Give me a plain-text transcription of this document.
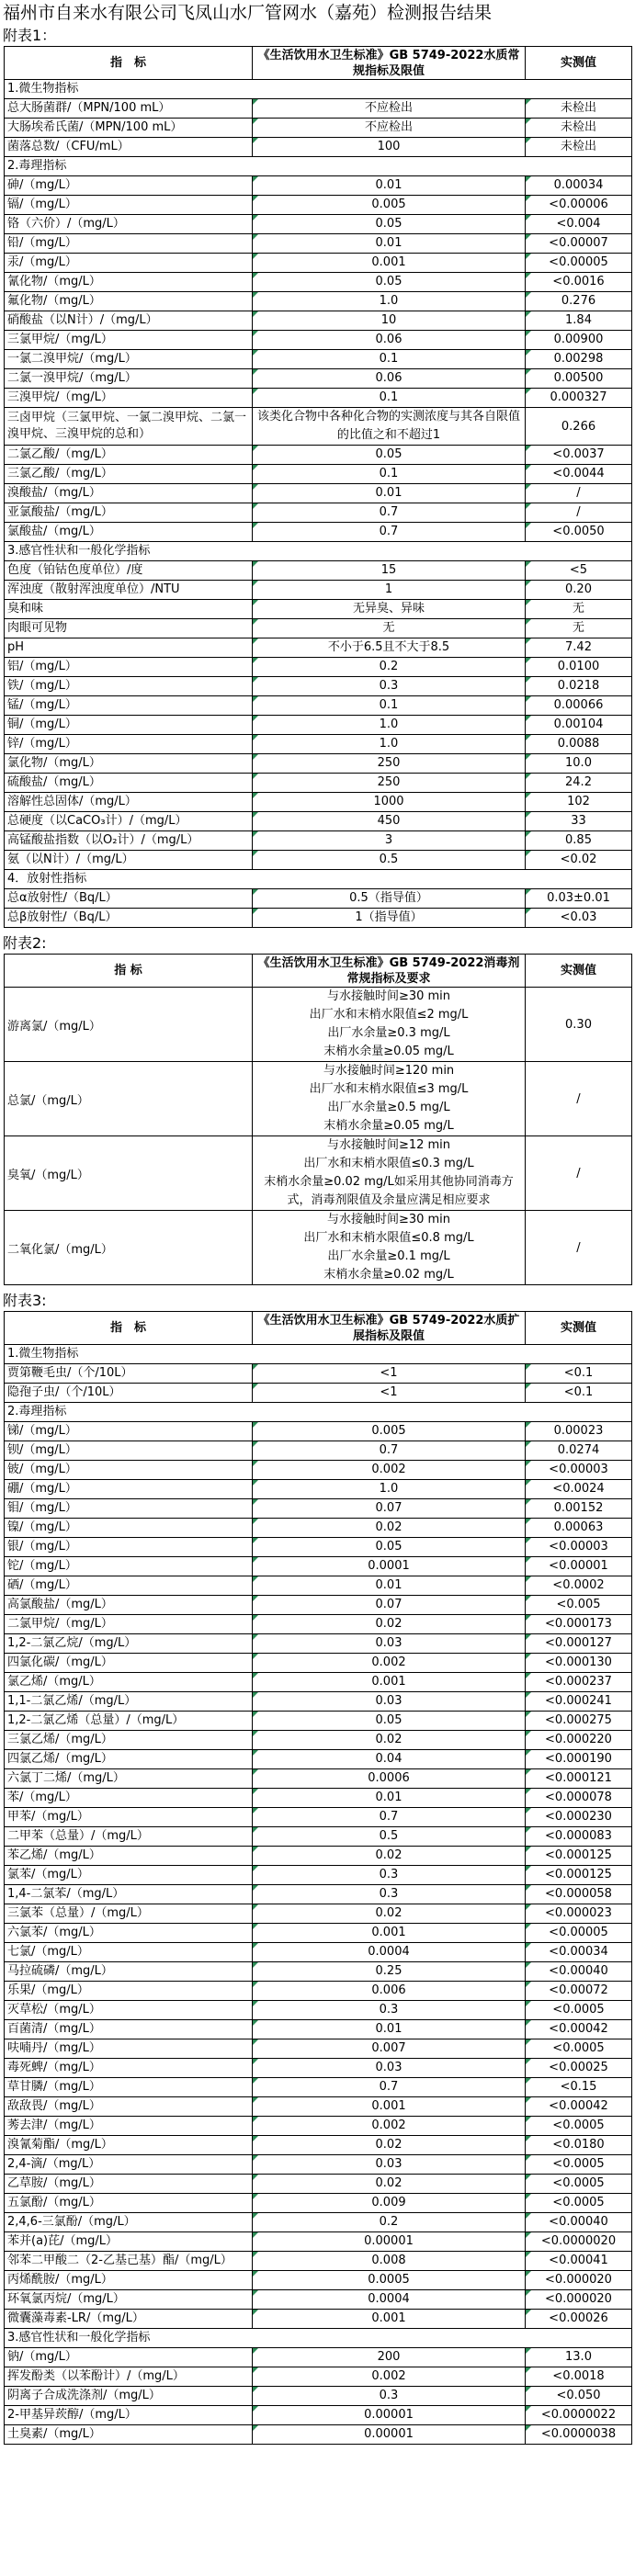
福州市自来水有限公司飞凤山水厂管网水（嘉苑）检测报告结果
附表1：
指　标	《生活饮用水卫生标准》GB 5749-2022水质常规指标及限值	实测值
1.微生物指标		
总大肠菌群/（MPN/100 mL）	不应检出	未检出
大肠埃希氏菌/（MPN/100 mL）	不应检出	未检出
菌落总数/（CFU/mL）	100	未检出
2.毒理指标		
砷/（mg/L）	0.01	0.00034
镉/（mg/L）	0.005	<0.00006
铬（六价）/（mg/L）	0.05	<0.004
铅/（mg/L）	0.01	<0.00007
汞/（mg/L）	0.001	<0.00005
氰化物/（mg/L）	0.05	<0.0016
氟化物/（mg/L）	1.0	0.276
硝酸盐（以N计）/（mg/L）	10	1.84
三氯甲烷/（mg/L）	0.06	0.00900
一氯二溴甲烷/（mg/L）	0.1	0.00298
二氯一溴甲烷/（mg/L）	0.06	0.00500
三溴甲烷/（mg/L）	0.1	0.000327
三卤甲烷（三氯甲烷、一氯二溴甲烷、二氯一溴甲烷、三溴甲烷的总和）	该类化合物中各种化合物的实测浓度与其各自限值的比值之和不超过1	0.266
二氯乙酸/（mg/L）	0.05	<0.0037
三氯乙酸/（mg/L）	0.1	<0.0044
溴酸盐/（mg/L）	0.01	/
亚氯酸盐/（mg/L）	0.7	/
氯酸盐/（mg/L）	0.7	<0.0050
3.感官性状和一般化学指标		
色度（铂钴色度单位）/度	15	<5
浑浊度（散射浑浊度单位）/NTU	1	0.20
臭和味	无异臭、异味	无
肉眼可见物	无	无
pH	不小于6.5且不大于8.5	7.42
铝/（mg/L）	0.2	0.0100
铁/（mg/L）	0.3	0.0218
锰/（mg/L）	0.1	0.00066
铜/（mg/L）	1.0	0.00104
锌/（mg/L）	1.0	0.0088
氯化物/（mg/L）	250	10.0
硫酸盐/（mg/L）	250	24.2
溶解性总固体/（mg/L）	1000	102
总硬度（以CaCO₃计）/（mg/L）	450	33
高锰酸盐指数（以O₂计）/（mg/L）	3	0.85
氨（以N计）/（mg/L）	0.5	<0.02
4．放射性指标		
总α放射性/（Bq/L）	0.5（指导值）	0.03±0.01
总β放射性/（Bq/L）	1（指导值）	<0.03
附表2:
指 标	《生活饮用水卫生标准》GB 5749-2022消毒剂常规指标及要求	实测值
游离氯/（mg/L）	与水接触时间≥30 min
出厂水和末梢水限值≤2 mg/L
出厂水余量≥0.3 mg/L
末梢水余量≥0.05 mg/L	0.30
总氯/（mg/L）	与水接触时间≥120 min
出厂水和末梢水限值≤3 mg/L
出厂水余量≥0.5 mg/L
末梢水余量≥0.05 mg/L	/
臭氧/（mg/L）	与水接触时间≥12 min
出厂水和末梢水限值≤0.3 mg/L
末梢水余量≥0.02 mg/L如采用其他协同消毒方式，消毒剂限值及余量应满足相应要求	/
二氧化氯/（mg/L）	与水接触时间≥30 min
出厂水和末梢水限值≤0.8 mg/L
出厂水余量≥0.1 mg/L
末梢水余量≥0.02 mg/L	/
附表3:
指　标	《生活饮用水卫生标准》GB 5749-2022水质扩展指标及限值	实测值
1.微生物指标		
贾第鞭毛虫/（个/10L）	<1	<0.1
隐孢子虫/（个/10L）	<1	<0.1
2.毒理指标		
锑/（mg/L）	0.005	0.00023
钡/（mg/L）	0.7	0.0274
铍/（mg/L）	0.002	<0.00003
硼/（mg/L）	1.0	<0.0024
钼/（mg/L）	0.07	0.00152
镍/（mg/L）	0.02	0.00063
银/（mg/L）	0.05	<0.00003
铊/（mg/L）	0.0001	<0.00001
硒/（mg/L）	0.01	<0.0002
高氯酸盐/（mg/L）	0.07	<0.005
二氯甲烷/（mg/L）	0.02	<0.000173
1,2-二氯乙烷/（mg/L）	0.03	<0.000127
四氯化碳/（mg/L）	0.002	<0.000130
氯乙烯/（mg/L）	0.001	<0.000237
1,1-二氯乙烯/（mg/L）	0.03	<0.000241
1,2-二氯乙烯（总量）/（mg/L）	0.05	<0.000275
三氯乙烯/（mg/L）	0.02	<0.000220
四氯乙烯/（mg/L）	0.04	<0.000190
六氯丁二烯/（mg/L）	0.0006	<0.000121
苯/（mg/L）	0.01	<0.000078
甲苯/（mg/L）	0.7	<0.000230
二甲苯（总量）/（mg/L）	0.5	<0.000083
苯乙烯/（mg/L）	0.02	<0.000125
氯苯/（mg/L）	0.3	<0.000125
1,4-二氯苯/（mg/L）	0.3	<0.000058
三氯苯（总量）/（mg/L）	0.02	<0.000023
六氯苯/（mg/L）	0.001	<0.00005
七氯/（mg/L）	0.0004	<0.00034
马拉硫磷/（mg/L）	0.25	<0.00040
乐果/（mg/L）	0.006	<0.00072
灭草松/（mg/L）	0.3	<0.0005
百菌清/（mg/L）	0.01	<0.00042
呋喃丹/（mg/L）	0.007	<0.0005
毒死蜱/（mg/L）	0.03	<0.00025
草甘膦/（mg/L）	0.7	<0.15
敌敌畏/（mg/L）	0.001	<0.00042
莠去津/（mg/L）	0.002	<0.0005
溴氰菊酯/（mg/L）	0.02	<0.0180
2,4-滴/（mg/L）	0.03	<0.0005
乙草胺/（mg/L）	0.02	<0.0005
五氯酚/（mg/L）	0.009	<0.0005
2,4,6-三氯酚/（mg/L）	0.2	<0.00040
苯并(a)芘/（mg/L）	0.00001	<0.0000020
邻苯二甲酸二（2-乙基己基）酯/（mg/L）	0.008	<0.00041
丙烯酰胺/（mg/L）	0.0005	<0.000020
环氧氯丙烷/（mg/L）	0.0004	<0.000020
微囊藻毒素-LR/（mg/L）	0.001	<0.00026
3.感官性状和一般化学指标		
钠/（mg/L）	200	13.0
挥发酚类（以苯酚计）/（mg/L）	0.002	<0.0018
阴离子合成洗涤剂/（mg/L）	0.3	<0.050
2-甲基异莰醇/（mg/L）	0.00001	<0.0000022
土臭素/（mg/L）	0.00001	<0.0000038
